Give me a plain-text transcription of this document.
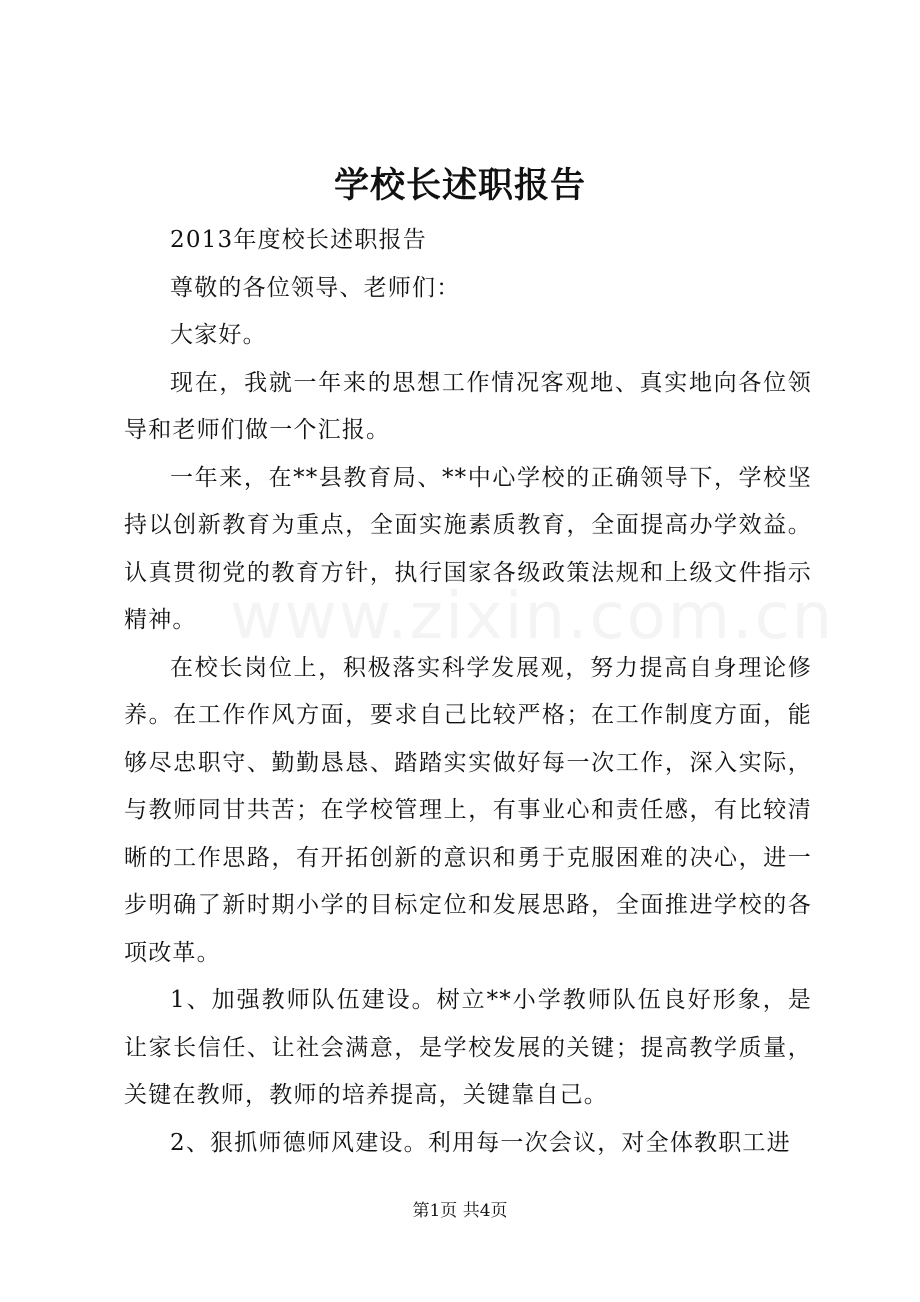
学校长述职报告
www.zixin.com.cn

2013年度校长述职报告

尊敬的各位领导、老师们：

大家好。

现在，我就一年来的思想工作情况客观地、真实地向各位领导和老师们做一个汇报。

一年来，在**县教育局、**中心学校的正确领导下，学校坚持以创新教育为重点，全面实施素质教育，全面提高办学效益。认真贯彻党的教育方针，执行国家各级政策法规和上级文件指示精神。

在校长岗位上，积极落实科学发展观，努力提高自身理论修养。在工作作风方面，要求自己比较严格；在工作制度方面，能够尽忠职守、勤勤恳恳、踏踏实实做好每一次工作，深入实际，与教师同甘共苦；在学校管理上，有事业心和责任感，有比较清晰的工作思路，有开拓创新的意识和勇于克服困难的决心，进一步明确了新时期小学的目标定位和发展思路，全面推进学校的各项改革。

1、加强教师队伍建设。树立**小学教师队伍良好形象，是让家长信任、让社会满意，是学校发展的关键；提高教学质量，关键在教师，教师的培养提高，关键靠自己。

2、狠抓师德师风建设。利用每一次会议，对全体教职工进

第1页 共4页
